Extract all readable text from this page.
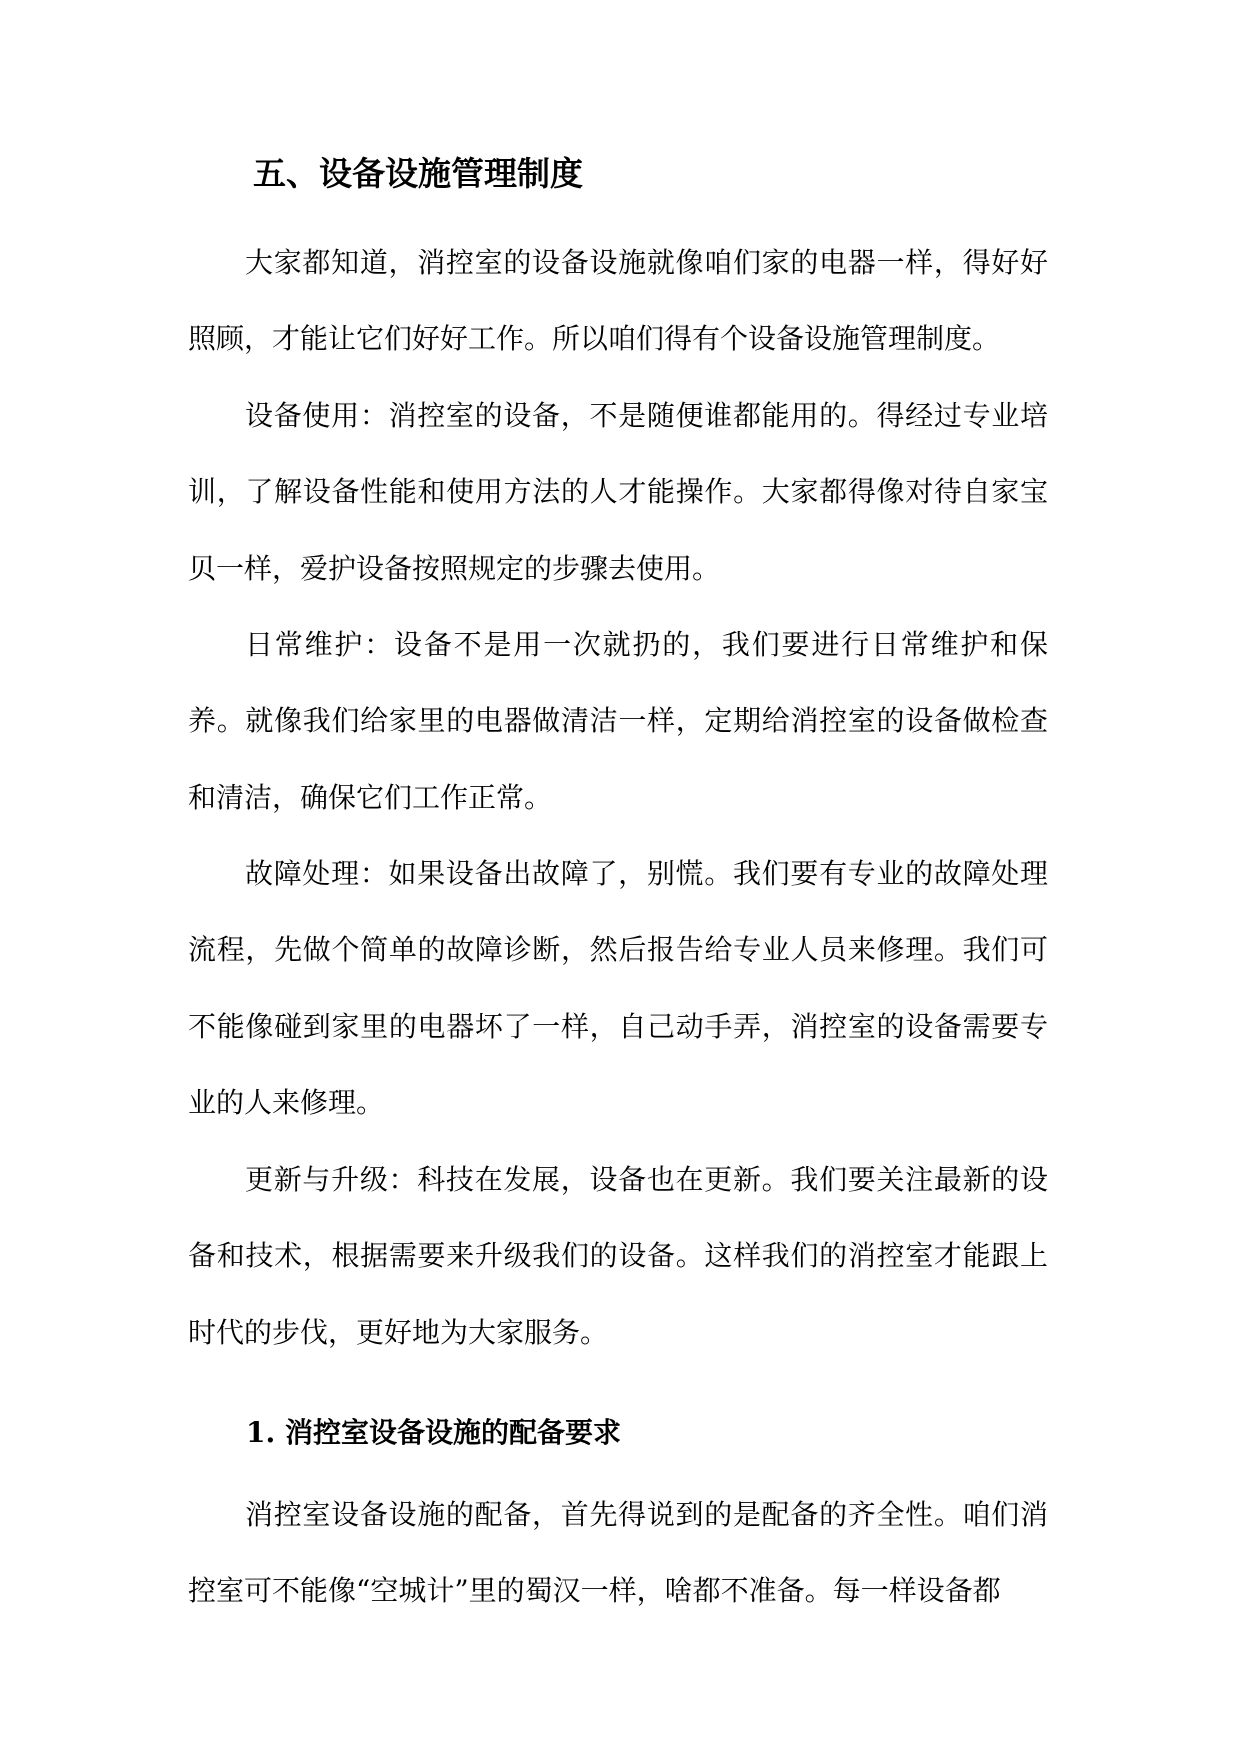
五、设备设施管理制度

大家都知道，消控室的设备设施就像咱们家的电器一样，得好好照顾，才能让它们好好工作。所以咱们得有个设备设施管理制度。

设备使用：消控室的设备，不是随便谁都能用的。得经过专业培训，了解设备性能和使用方法的人才能操作。大家都得像对待自家宝贝一样，爱护设备按照规定的步骤去使用。

日常维护：设备不是用一次就扔的，我们要进行日常维护和保养。就像我们给家里的电器做清洁一样，定期给消控室的设备做检查和清洁，确保它们工作正常。

故障处理：如果设备出故障了，别慌。我们要有专业的故障处理流程，先做个简单的故障诊断，然后报告给专业人员来修理。我们可不能像碰到家里的电器坏了一样，自己动手弄，消控室的设备需要专业的人来修理。

更新与升级：科技在发展，设备也在更新。我们要关注最新的设备和技术，根据需要来升级我们的设备。这样我们的消控室才能跟上时代的步伐，更好地为大家服务。

1. 消控室设备设施的配备要求

消控室设备设施的配备，首先得说到的是配备的齐全性。咱们消控室可不能像“空城计”里的蜀汉一样，啥都不准备。每一样设备都
